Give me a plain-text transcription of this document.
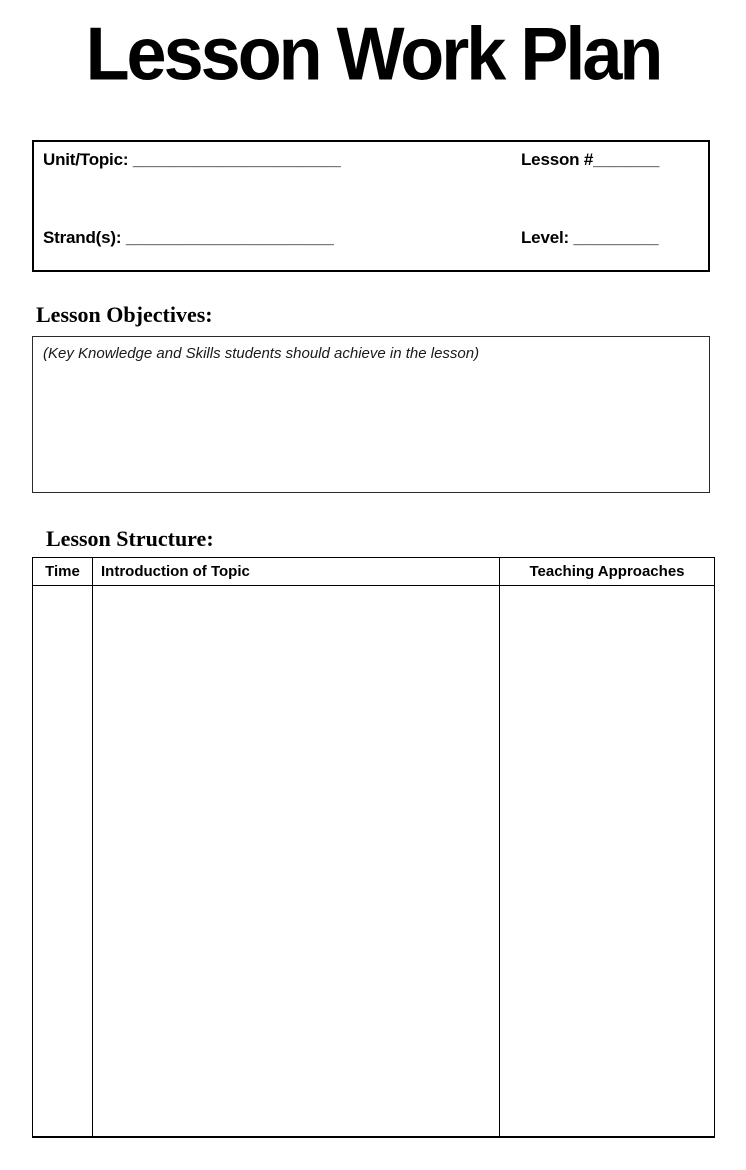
Lesson Work Plan
Unit/Topic: ______________________	Lesson #_______
Strand(s): ______________________	Level: _________
Lesson Objectives:
(Key Knowledge and Skills students should achieve in the lesson)
Lesson Structure:
Time	Introduction of Topic	Teaching Approaches
